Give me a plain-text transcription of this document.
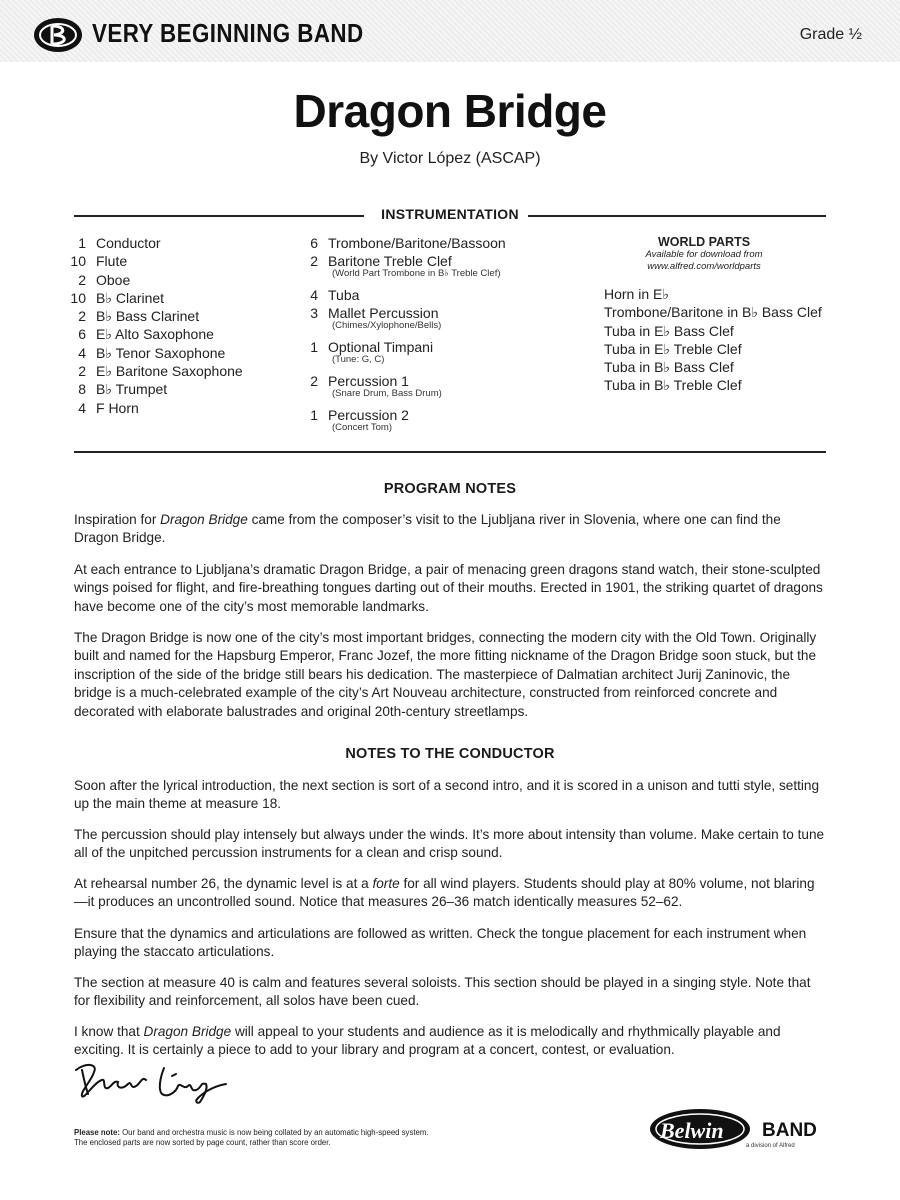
VERY BEGINNING BAND	Grade ½
Dragon Bridge
By Victor López (ASCAP)
INSTRUMENTATION
1 Conductor
10 Flute
2 Oboe
10 B♭ Clarinet
2 B♭ Bass Clarinet
6 E♭ Alto Saxophone
4 B♭ Tenor Saxophone
2 E♭ Baritone Saxophone
8 B♭ Trumpet
4 F Horn
6 Trombone/Baritone/Bassoon
2 Baritone Treble Clef
(World Part Trombone in B♭ Treble Clef)
4 Tuba
3 Mallet Percussion
(Chimes/Xylophone/Bells)
1 Optional Timpani
(Tune: G, C)
2 Percussion 1
(Snare Drum, Bass Drum)
1 Percussion 2
(Concert Tom)
WORLD PARTS
Available for download from
www.alfred.com/worldparts
Horn in E♭
Trombone/Baritone in B♭ Bass Clef
Tuba in E♭ Bass Clef
Tuba in E♭ Treble Clef
Tuba in B♭ Bass Clef
Tuba in B♭ Treble Clef
PROGRAM NOTES
Inspiration for Dragon Bridge came from the composer’s visit to the Ljubljana river in Slovenia, where one can find the Dragon Bridge.
At each entrance to Ljubljana’s dramatic Dragon Bridge, a pair of menacing green dragons stand watch, their stone-sculpted wings poised for flight, and fire-breathing tongues darting out of their mouths. Erected in 1901, the striking quartet of dragons have become one of the city’s most memorable landmarks.
The Dragon Bridge is now one of the city’s most important bridges, connecting the modern city with the Old Town. Originally built and named for the Hapsburg Emperor, Franc Jozef, the more fitting nickname of the Dragon Bridge soon stuck, but the inscription of the side of the bridge still bears his dedication. The masterpiece of Dalmatian architect Jurij Zaninovic, the bridge is a much-celebrated example of the city’s Art Nouveau architecture, constructed from reinforced concrete and decorated with elaborate balustrades and original 20th-century streetlamps.
NOTES TO THE CONDUCTOR
Soon after the lyrical introduction, the next section is sort of a second intro, and it is scored in a unison and tutti style, setting up the main theme at measure 18.
The percussion should play intensely but always under the winds. It’s more about intensity than volume. Make certain to tune all of the unpitched percussion instruments for a clean and crisp sound.
At rehearsal number 26, the dynamic level is at a forte for all wind players. Students should play at 80% volume, not blaring—it produces an uncontrolled sound. Notice that measures 26–36 match identically measures 52–62.
Ensure that the dynamics and articulations are followed as written. Check the tongue placement for each instrument when playing the staccato articulations.
The section at measure 40 is calm and features several soloists. This section should be played in a singing style. Note that for flexibility and reinforcement, all solos have been cued.
I know that Dragon Bridge will appeal to your students and audience as it is melodically and rhythmically playable and exciting. It is certainly a piece to add to your library and program at a concert, contest, or evaluation.
Please note: Our band and orchestra music is now being collated by an automatic high-speed system.
The enclosed parts are now sorted by page count, rather than score order.	Belwin BAND
a division of Alfred
